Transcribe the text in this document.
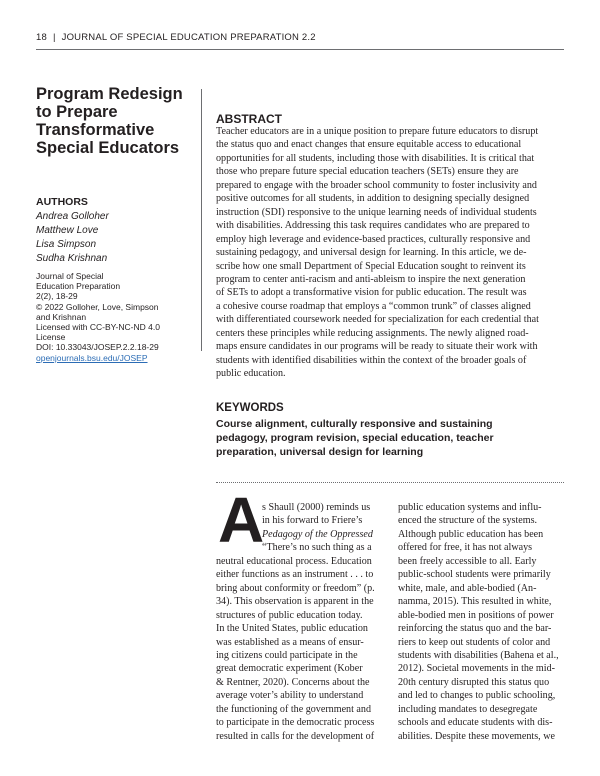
18 | JOURNAL OF SPECIAL EDUCATION PREPARATION 2.2
Program Redesign
to Prepare
Transformative
Special Educators
AUTHORS
Andrea Golloher
Matthew Love
Lisa Simpson
Sudha Krishnan
Journal of Special
Education Preparation
2(2), 18-29
© 2022 Golloher, Love, Simpson
and Krishnan
Licensed with CC-BY-NC-ND 4.0
License
DOI: 10.33043/JOSEP.2.2.18-29
openjournals.bsu.edu/JOSEP
ABSTRACT
Teacher educators are in a unique position to prepare future educators to disrupt
the status quo and enact changes that ensure equitable access to educational
opportunities for all students, including those with disabilities. It is critical that
those who prepare future special education teachers (SETs) ensure they are
prepared to engage with the broader school community to foster inclusivity and
positive outcomes for all students, in addition to designing specially designed
instruction (SDI) responsive to the unique learning needs of individual students
with disabilities. Addressing this task requires candidates who are prepared to
employ high leverage and evidence-based practices, culturally responsive and
sustaining pedagogy, and universal design for learning. In this article, we de-
scribe how one small Department of Special Education sought to reinvent its
program to center anti-racism and anti-ableism to inspire the next generation
of SETs to adopt a transformative vision for public education. The result was
a cohesive course roadmap that employs a “common trunk” of classes aligned
with differentiated coursework needed for specialization for each credential that
centers these principles while reducing assignments. The newly aligned road-
maps ensure candidates in our programs will be ready to situate their work with
students with identified disabilities within the context of the broader goals of
public education.
KEYWORDS
Course alignment, culturally responsive and sustaining
pedagogy, program revision, special education, teacher
preparation, universal design for learning
A
s Shaull (2000) reminds us
in his forward to Friere’s
Pedagogy of the Oppressed
“There’s no such thing as a
neutral educational process. Education
either functions as an instrument . . . to
bring about conformity or freedom” (p.
34). This observation is apparent in the
structures of public education today.
In the United States, public education
was established as a means of ensur-
ing citizens could participate in the
great democratic experiment (Kober
& Rentner, 2020). Concerns about the
average voter’s ability to understand
the functioning of the government and
to participate in the democratic process
resulted in calls for the development of
public education systems and influ-
enced the structure of the systems.
Although public education has been
offered for free, it has not always
been freely accessible to all. Early
public-school students were primarily
white, male, and able-bodied (An-
namma, 2015). This resulted in white,
able-bodied men in positions of power
reinforcing the status quo and the bar-
riers to keep out students of color and
students with disabilities (Bahena et al.,
2012). Societal movements in the mid-
20th century disrupted this status quo
and led to changes to public schooling,
including mandates to desegregate
schools and educate students with dis-
abilities. Despite these movements, we
